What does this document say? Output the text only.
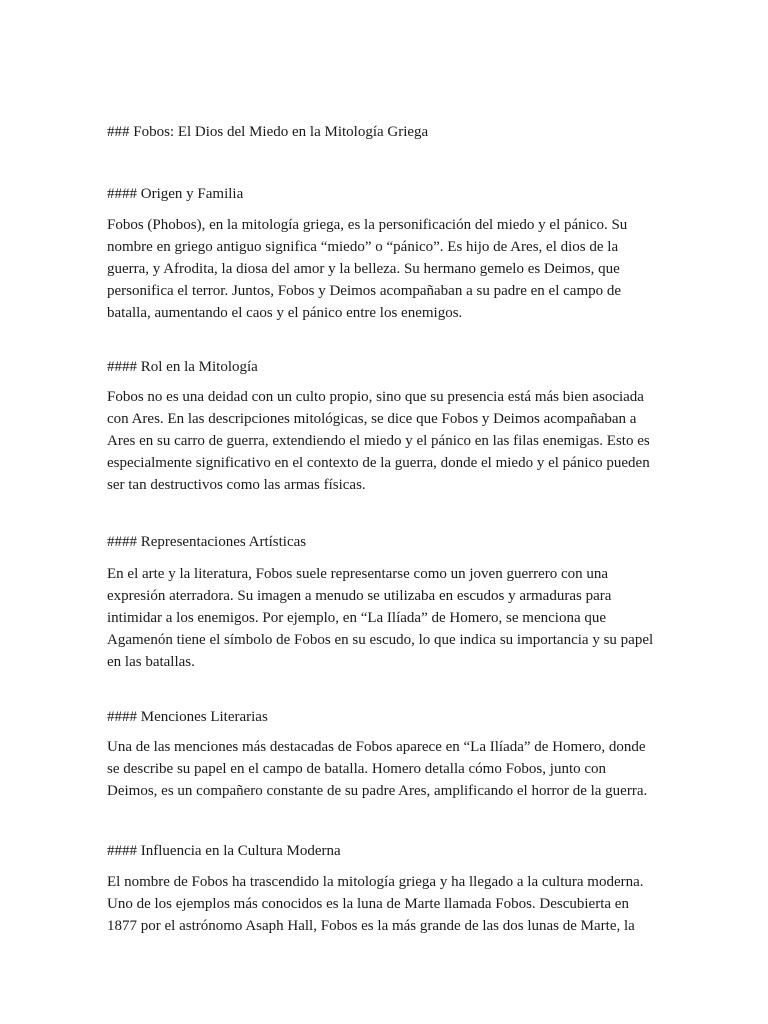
### Fobos: El Dios del Miedo en la Mitología Griega
#### Origen y Familia

Fobos (Phobos), en la mitología griega, es la personificación del miedo y el pánico. Su
nombre en griego antiguo significa “miedo” o “pánico”. Es hijo de Ares, el dios de la
guerra, y Afrodita, la diosa del amor y la belleza. Su hermano gemelo es Deimos, que
personifica el terror. Juntos, Fobos y Deimos acompañaban a su padre en el campo de
batalla, aumentando el caos y el pánico entre los enemigos.

#### Rol en la Mitología

Fobos no es una deidad con un culto propio, sino que su presencia está más bien asociada
con Ares. En las descripciones mitológicas, se dice que Fobos y Deimos acompañaban a
Ares en su carro de guerra, extendiendo el miedo y el pánico en las filas enemigas. Esto es
especialmente significativo en el contexto de la guerra, donde el miedo y el pánico pueden
ser tan destructivos como las armas físicas.

#### Representaciones Artísticas

En el arte y la literatura, Fobos suele representarse como un joven guerrero con una
expresión aterradora. Su imagen a menudo se utilizaba en escudos y armaduras para
intimidar a los enemigos. Por ejemplo, en “La Ilíada” de Homero, se menciona que
Agamenón tiene el símbolo de Fobos en su escudo, lo que indica su importancia y su papel
en las batallas.

#### Menciones Literarias

Una de las menciones más destacadas de Fobos aparece en “La Ilíada” de Homero, donde
se describe su papel en el campo de batalla. Homero detalla cómo Fobos, junto con
Deimos, es un compañero constante de su padre Ares, amplificando el horror de la guerra.

#### Influencia en la Cultura Moderna

El nombre de Fobos ha trascendido la mitología griega y ha llegado a la cultura moderna.
Uno de los ejemplos más conocidos es la luna de Marte llamada Fobos. Descubierta en
1877 por el astrónomo Asaph Hall, Fobos es la más grande de las dos lunas de Marte, la
